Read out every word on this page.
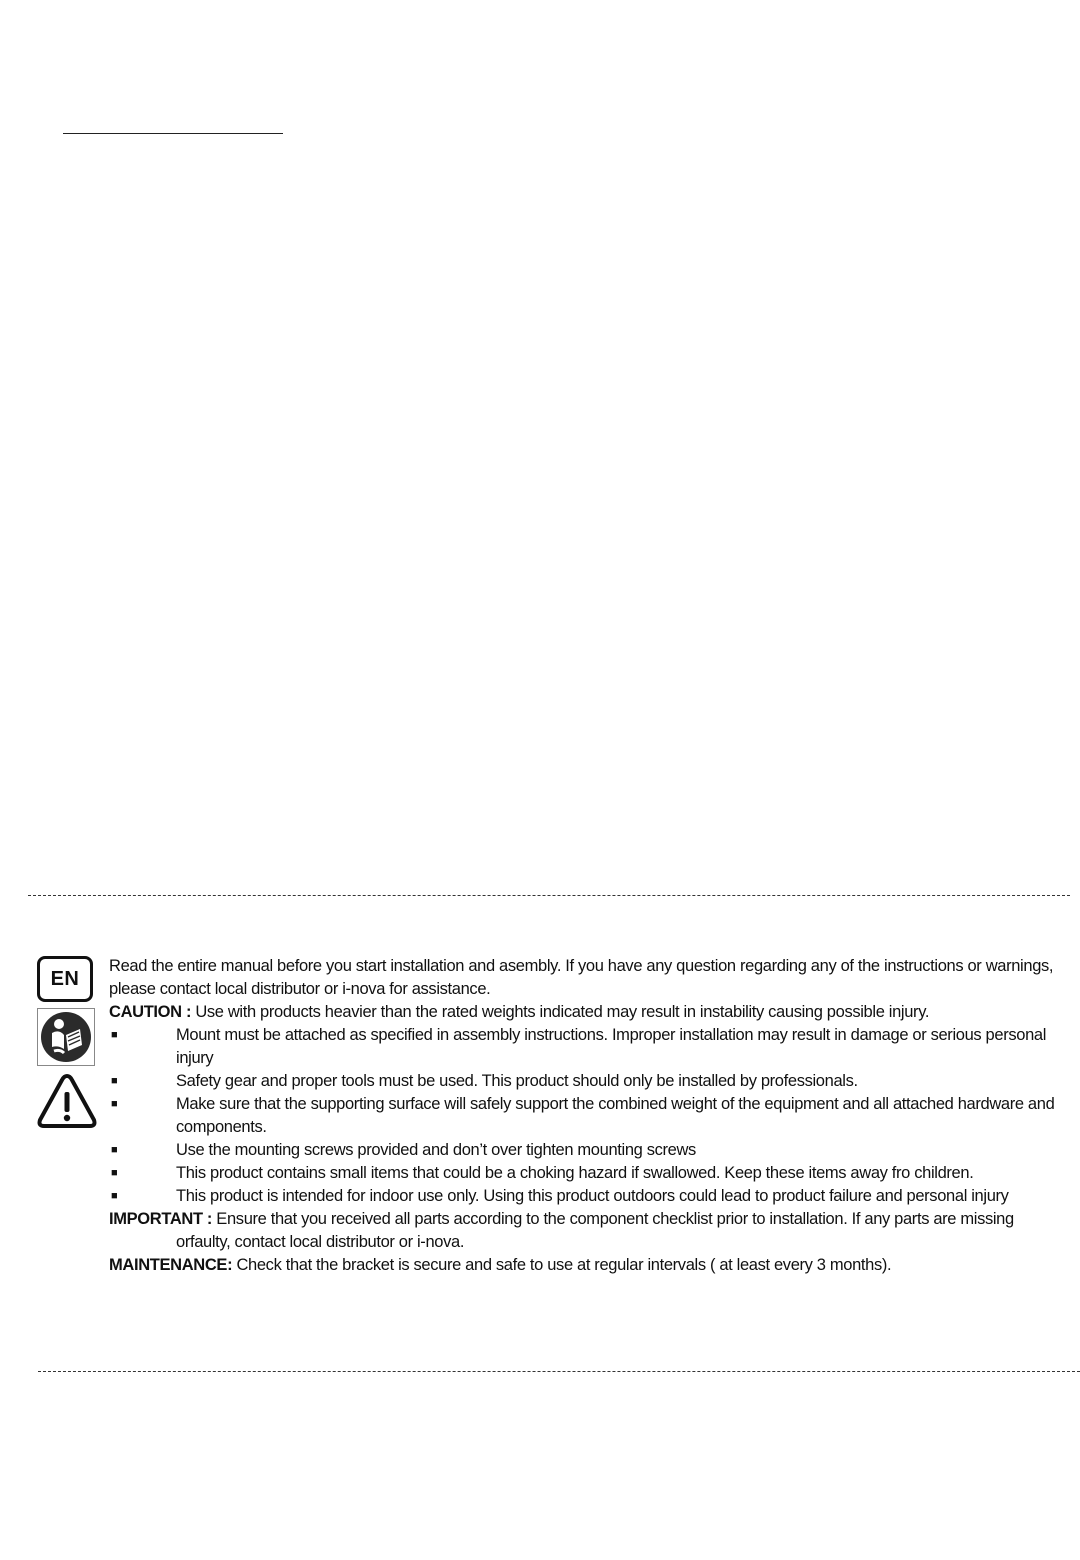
EN

Read the entire manual before you start installation and asembly. If you have any question regarding any of the instructions or warnings, please contact local distributor or i-nova for assistance.

CAUTION : Use with products heavier than the rated weights indicated may result in instability causing possible injury.

■	Mount must be attached as specified in assembly instructions. Improper installation may result in damage or serious personal injury
■	Safety gear and proper tools must be used. This product should only be installed by professionals.
■	Make sure that the supporting surface will safely support the combined weight of the equipment and all attached hardware and components.
■	Use the mounting screws provided and don’t over tighten mounting screws
■	This product contains small items that could be a choking hazard if swallowed. Keep these items away fro children.
■	This product is intended for indoor use only. Using this product outdoors could lead to product failure and personal injury

IMPORTANT : Ensure that you received all parts according to the component checklist prior to installation. If any parts are missing orfaulty, contact local distributor or i-nova.

MAINTENANCE: Check that the bracket is secure and safe to use at regular intervals ( at least every 3 months).
